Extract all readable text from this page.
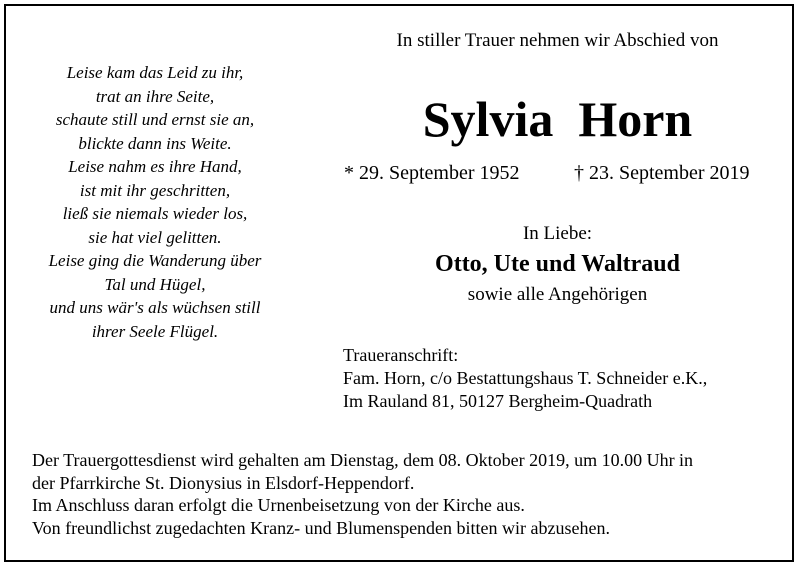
Leise kam das Leid zu ihr,
trat an ihre Seite,
schaute still und ernst sie an,
blickte dann ins Weite.
Leise nahm es ihre Hand,
ist mit ihr geschritten,
ließ sie niemals wieder los,
sie hat viel gelitten.
Leise ging die Wanderung über
Tal und Hügel,
und uns wär's als wüchsen still
ihrer Seele Flügel.
In stiller Trauer nehmen wir Abschied von
Sylvia  Horn
* 29. September 1952	† 23. September 2019
In Liebe:
Otto, Ute und Waltraud
sowie alle Angehörigen
Traueranschrift:
Fam. Horn, c/o Bestattungshaus T. Schneider e.K.,
Im Rauland 81, 50127 Bergheim-Quadrath
Der Trauergottesdienst wird gehalten am Dienstag, dem 08. Oktober 2019, um 10.00 Uhr in
der Pfarrkirche St. Dionysius in Elsdorf-Heppendorf.
Im Anschluss daran erfolgt die Urnenbeisetzung von der Kirche aus.
Von freundlichst zugedachten Kranz- und Blumenspenden bitten wir abzusehen.
